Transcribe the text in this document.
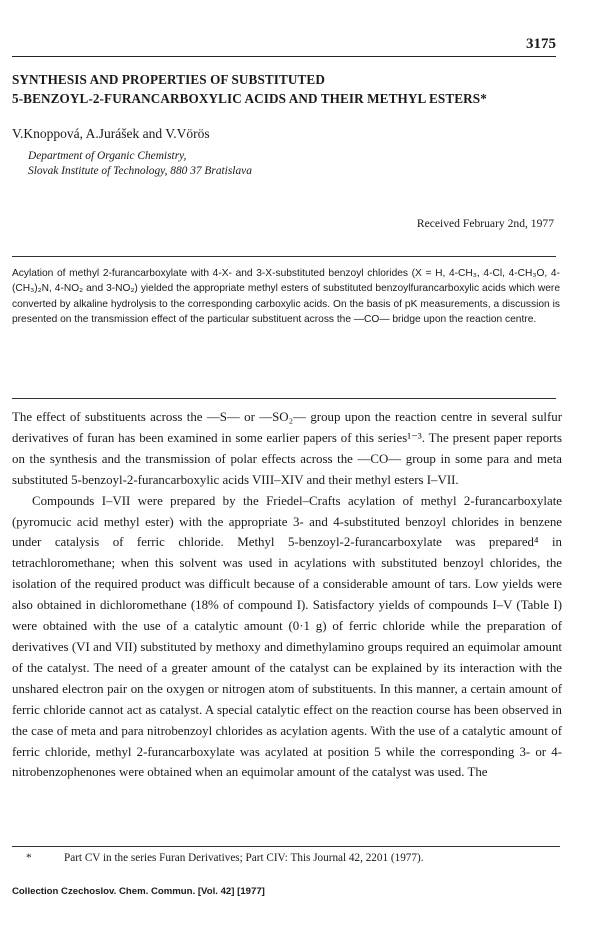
3175
SYNTHESIS AND PROPERTIES OF SUBSTITUTED
5-BENZOYL-2-FURANCARBOXYLIC ACIDS AND THEIR METHYL ESTERS*
V.Knoppová, A.Jurášek and V.Vörös
Department of Organic Chemistry,
Slovak Institute of Technology, 880 37 Bratislava
Received February 2nd, 1977
Acylation of methyl 2-furancarboxylate with 4-X- and 3-X-substituted benzoyl chlorides (X = H, 4-CH₃, 4-Cl, 4-CH₃O, 4-(CH₃)₂N, 4-NO₂ and 3-NO₂) yielded the appropriate methyl esters of substituted benzoylfurancarboxylic acids which were converted by alkaline hydrolysis to the corresponding carboxylic acids. On the basis of pK measurements, a discussion is presented on the transmission effect of the particular substituent across the —CO— bridge upon the reaction centre.

The effect of substituents across the —S— or —SO₂— group upon the reaction centre in several sulfur derivatives of furan has been examined in some earlier papers of this series¹⁻³. The present paper reports on the synthesis and the transmission of polar effects across the —CO— group in some para and meta substituted 5-benzoyl-2-furancarboxylic acids VIII–XIV and their methyl esters I–VII.

Compounds I–VII were prepared by the Friedel–Crafts acylation of methyl 2-furancarboxylate (pyromucic acid methyl ester) with the appropriate 3- and 4-substituted benzoyl chlorides in benzene under catalysis of ferric chloride. Methyl 5-benzoyl-2-furancarboxylate was prepared⁴ in tetrachloromethane; when this solvent was used in acylations with substituted benzoyl chlorides, the isolation of the required product was difficult because of a considerable amount of tars. Low yields were also obtained in dichloromethane (18% of compound I). Satisfactory yields of compounds I–V (Table I) were obtained with the use of a catalytic amount (0·1 g) of ferric chloride while the preparation of derivatives (VI and VII) substituted by methoxy and dimethylamino groups required an equimolar amount of the catalyst. The need of a greater amount of the catalyst can be explained by its interaction with the unshared electron pair on the oxygen or nitrogen atom of substituents. In this manner, a certain amount of ferric chloride cannot act as catalyst. A special catalytic effect on the reaction course has been observed in the case of meta and para nitrobenzoyl chlorides as acylation agents. With the use of a catalytic amount of ferric chloride, methyl 2-furancarboxylate was acylated at position 5 while the corresponding 3- or 4-nitrobenzophenones were obtained when an equimolar amount of the catalyst was used. The

*	Part CV in the series Furan Derivatives; Part CIV: This Journal 42, 2201 (1977).
Collection Czechoslov. Chem. Commun. [Vol. 42] [1977]
